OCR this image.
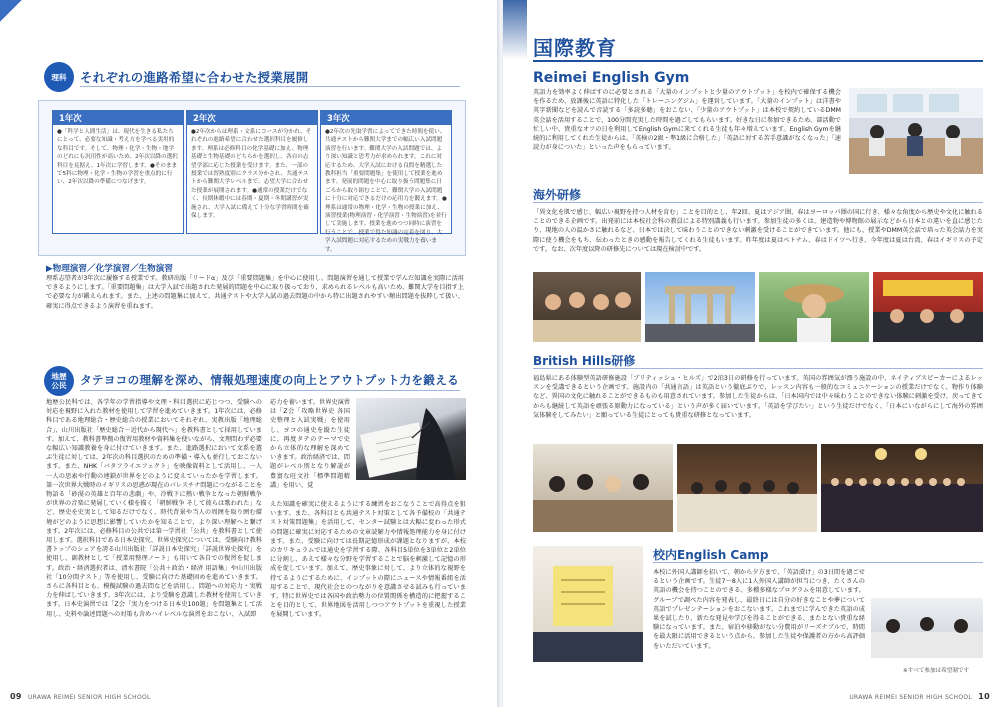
理科	それぞれの進路希望に合わせた授業展開
1年次
●「科学と人間生活」は、現代を生きる私たちにとって、必要な知識・考え方を学べる実用的な科目です。そして、物理・化学・生物・地学のどれにも汎用性が高いため、2年次以降の選択科目を見据え、1年次に学習します。●そのままで5科に物理・化学・生物の学習を重点的に行い、2年次以降の準備につなげます。
2年次
●2年次からは理系・文系にコースが分かれ、それぞれの進路希望に合わせた選択科目を履修します。理系は必修科目の化学基礎に加え、物理基礎と生物基礎のどちらかを選択し、各自の志望学部に応じた授業を受けます。また、一部の授業では習熟度別にクラス分かされ、共通テストから難関大学レベルまで、志望大学に合わせた授業が展開されます。●通常の授業だけでなく、長期休暇中には春期・夏期・冬期講習が実施され、大学入試に備えて十分な学習時間を確保します。
3年次
●2年次の先取学習によってできた時間を使い、共通テストから難関大学までの幅広い入試問題演習を行います。難関大学の入試問題では、より深い知識と思考力が求められます。これに対応するため、大学入試における良問を精選した教科担当「重要問題集」を使用して授業を進めます。発展的問題を中心に取り扱う問題集に日ごろから取り組むことで、難関大学の入試問題に十分に対応できるだけの応用力を鍛えます。●理系は通常の物理・化学・生物の授業に加え、演習授業(物理演習・化学演習・生物演習)を並行して実施します。授業を進めつつ同時に演習を行うことで、授業で得た知識の定着を図り、大学入試問題に対応するための実戦力を養います。
▶物理演習／化学演習／生物演習
理系志望者が3年次に履修する授業です。教研出版「リードα」及び「重要問題集」を中心に使用し、問題演習を通して授業で学んだ知識を実際に活用できるようにします。「重要問題集」は大学入試で出題された発展的問題を中心に取り扱っており、求められるレベルも高いため、難関大学を目指す上で必要な力が鍛えられます。また、上述の問題集に加えて、共通テストや大学入試の過去問題の中から特に出題されやすい頻出問題を抜粋して扱い、確実に得点できるよう演習を重ねます。
地歴
公民	タテヨコの理解を深め、情報処理速度の向上とアウトプット力を鍛える
地歴公民科では、各学年の学習指導や文理・科目選択に応じつつ、受験への対応を視野に入れた教材を使用して学習を進めていきます。1年次には、必修科目である地理総合・歴史総合の授業においてそれぞれ、実教出版「地理総合」、山川出版社「歴史総合－近代から現代へ」を教科書として採用しています。加えて、教科書準拠の復習用教材や資料集を使いながら、文理問わず必要な幅広い知識教養を身に付けていきます。また、進路選択において文系を選ぶ生徒に対しては、2年次の科目選択のための準備・導入も並行しておこないます。また、NHK「バタフライエフェクト」を映像資料として活用し、一人一人の思索や行動の連鎖が世界をどのように変えていったかを学習します。第一次世界大戦時のイギリスの思惑が現在のパレスチナ問題につながることを物語る「砂漠の英雄と百年の悲劇」や、冷戦下に熱い戦争となった朝鮮戦争が世界の音楽に発展していく様を描く「朝鮮戦争 そして彼らは歌われた」など、歴史を史実として知るだけでなく、時代背景や当人の周囲を取り囲む環境がどのように思想に影響していたかを知ることで、より深い理解へと繋げます。2年次には、必修科目の公共では第一学習社「公共」を教科書として使用します。選択科目である日本史探究、世界史探究については、受験向け教科書トップのシェアを誇る山川出版社「詳説日本史探究」「詳説世界史探究」を使用し、副教材として「授業用整理ノート」も用いて各自での復習を促します。政治・経済選択者は、清水書院「公共＋政治・経済 用語集」や山川出版社「10分間テスト」等を使用し、受験に向けた基礎固めを進めていきます。さらに各科目とも、模擬試験の過去問などを活用し、問題への対応力・実戦力を伸ばしていきます。3年次には、より受験を意識した教材を使用していきます。日本史演習では「Z会「実力をつける日本史100題」を問題集として活用し、史料や論述問題への対策も含めハイレベルな演習をおこない、入試即
応力を養います。世界史演習は「Z会「攻略世界史 各国史整理と入試実戦」を使用し、ヨコの通史を縦た生徒に、再度タテのテーマで史から立体的な理解を深めていきます。政治経済では、問題がレベル別となり解説が豊富な旺文社「標準問題精講」を用い、覚
えた知識を確実に使えるようにする練習をおこなうことで高得点を狙います。また、各科目とも共通テスト対策として各予備校の「共通テスト対策問題集」を活用して、センター試験とは大幅に変わった形式の問題に確実に対応するための文章読解力や情報処理能力を身に付けます。また、受験に向けては長期記憶形成が課題となりますが、本校のカリキュラムでは通史を学習する際、各科目5単位を3単位と2単位に分割し、あえて様々な分野を学習することで脳を刺激して記憶の形成を促しています。加えて、歴史事象に対して、より立体的な視野を持てるようにするために、インプットの際にニュースや情報番組を活用することで、現代社会とのつながりを意識させる試みも行っています。特に世界史では各国や政治勢力の位置関係を構造的に把握することを目的として、世界地図を活用しつつアウトプットを重視した授業を展開しています。
09 URAWA REIMEI SENIOR HIGH SCHOOL
国際教育
Reimei English Gym
英語力を効率よく伸ばすのに必要とされる「大量のインプットと少量のアウトプット」を校内で確保する機会を作るため、放課後に英語に特化した「トレーニングジム」を運営しています。「大量のインプット」は洋書や英字新聞などを読んで音読する「多読多聴」をおこない、「少量のアウトプット」は本校で契約しているDMM英会話を活用することで、100分間充実した時間を過ごしてもらいます。好きな日に参加できるため、部活動で忙しい中、貴重なオフの日を利用してEnglish Gymに来てくれる生徒も年々増えています。English Gymを継続的に利用してくれた生徒からは、「英検の2級・準1級に合格した」「英語に対する苦手意識がなくなった」「速読力が身についた」といった声をもらっています。
海外研修
「異文化を肌で感じ、幅広い視野を持つ人材を育む」ことを目的とし、年2回、夏はアジア圏、春はヨーロッパ圏の国に行き、様々な角度から歴史や文化に触れることのできる企画です。出発前には本校社会科の教員による特別講義も行います。参加生徒の多くは、建造物や博物館の展示などから日本との違いを直に感じたり、現地の人の温かさに触れるなど、日本では決して味わうことのできない刺激を受けることができています。他にも、授業やDMM英会話で培った英会話力を実際に使う機会をもち、伝わったときの感動を報告してくれる生徒もいます。昨年度は夏はベトナム、春はドイツへ行き、今年度は夏は台湾、春はイギリスの予定です。なお、次年度以降の研修先については現在検討中です。
British Hills研修
福島県にある体験型英語研修施設「ブリティッシュ・ヒルズ」で2泊3日の研修を行っています。英国の雰囲気が漂う施設の中、ネイティブスピーカーによるレッスンを受講できるという企画です。施設内の「共通言語」は英語という徹底ぶりで、レッスン内容も一般的なコミュニケーションの授業だけでなく、物作り体験など、異国の文化に触れることができるものも用意されています。参加した生徒からは、「日本国内では中々味わうことのできない体験に刺激を受け、戻ってきてからも継続して英語を頑張る原動力になっている」という声が多く届いています。「英語を学びたい」という生徒だけでなく、「日本にいながらにして海外の雰囲気体験をしてみたい」と願っている生徒にとっても貴重な研修となっています。
校内English Camp
本校に外国人講師を招いて、朝から夕方まで、「英語漬け」の3日間を過ごせるという企画です。生徒7～8人に1人外国人講師が担当につき、たくさんの英語の機会を持つことのできる、多種多様なプログラムを用意しています。グループで調べた内容を発表し、最終日には自分の好きなことや夢について英語でプレゼンテーションをおこないます。これまでに学んできた英語の成果を試したり、新たな発見や学びを得ることができる、またとない貴重な経験になっています。また、宿泊や移動がない分費用がリーズナブルで、時間を最大限に活用できるという点から、参加した生徒や保護者の方から高評価をいただいています。
※すべて参加は希望制です
URAWA REIMEI SENIOR HIGH SCHOOL 10
